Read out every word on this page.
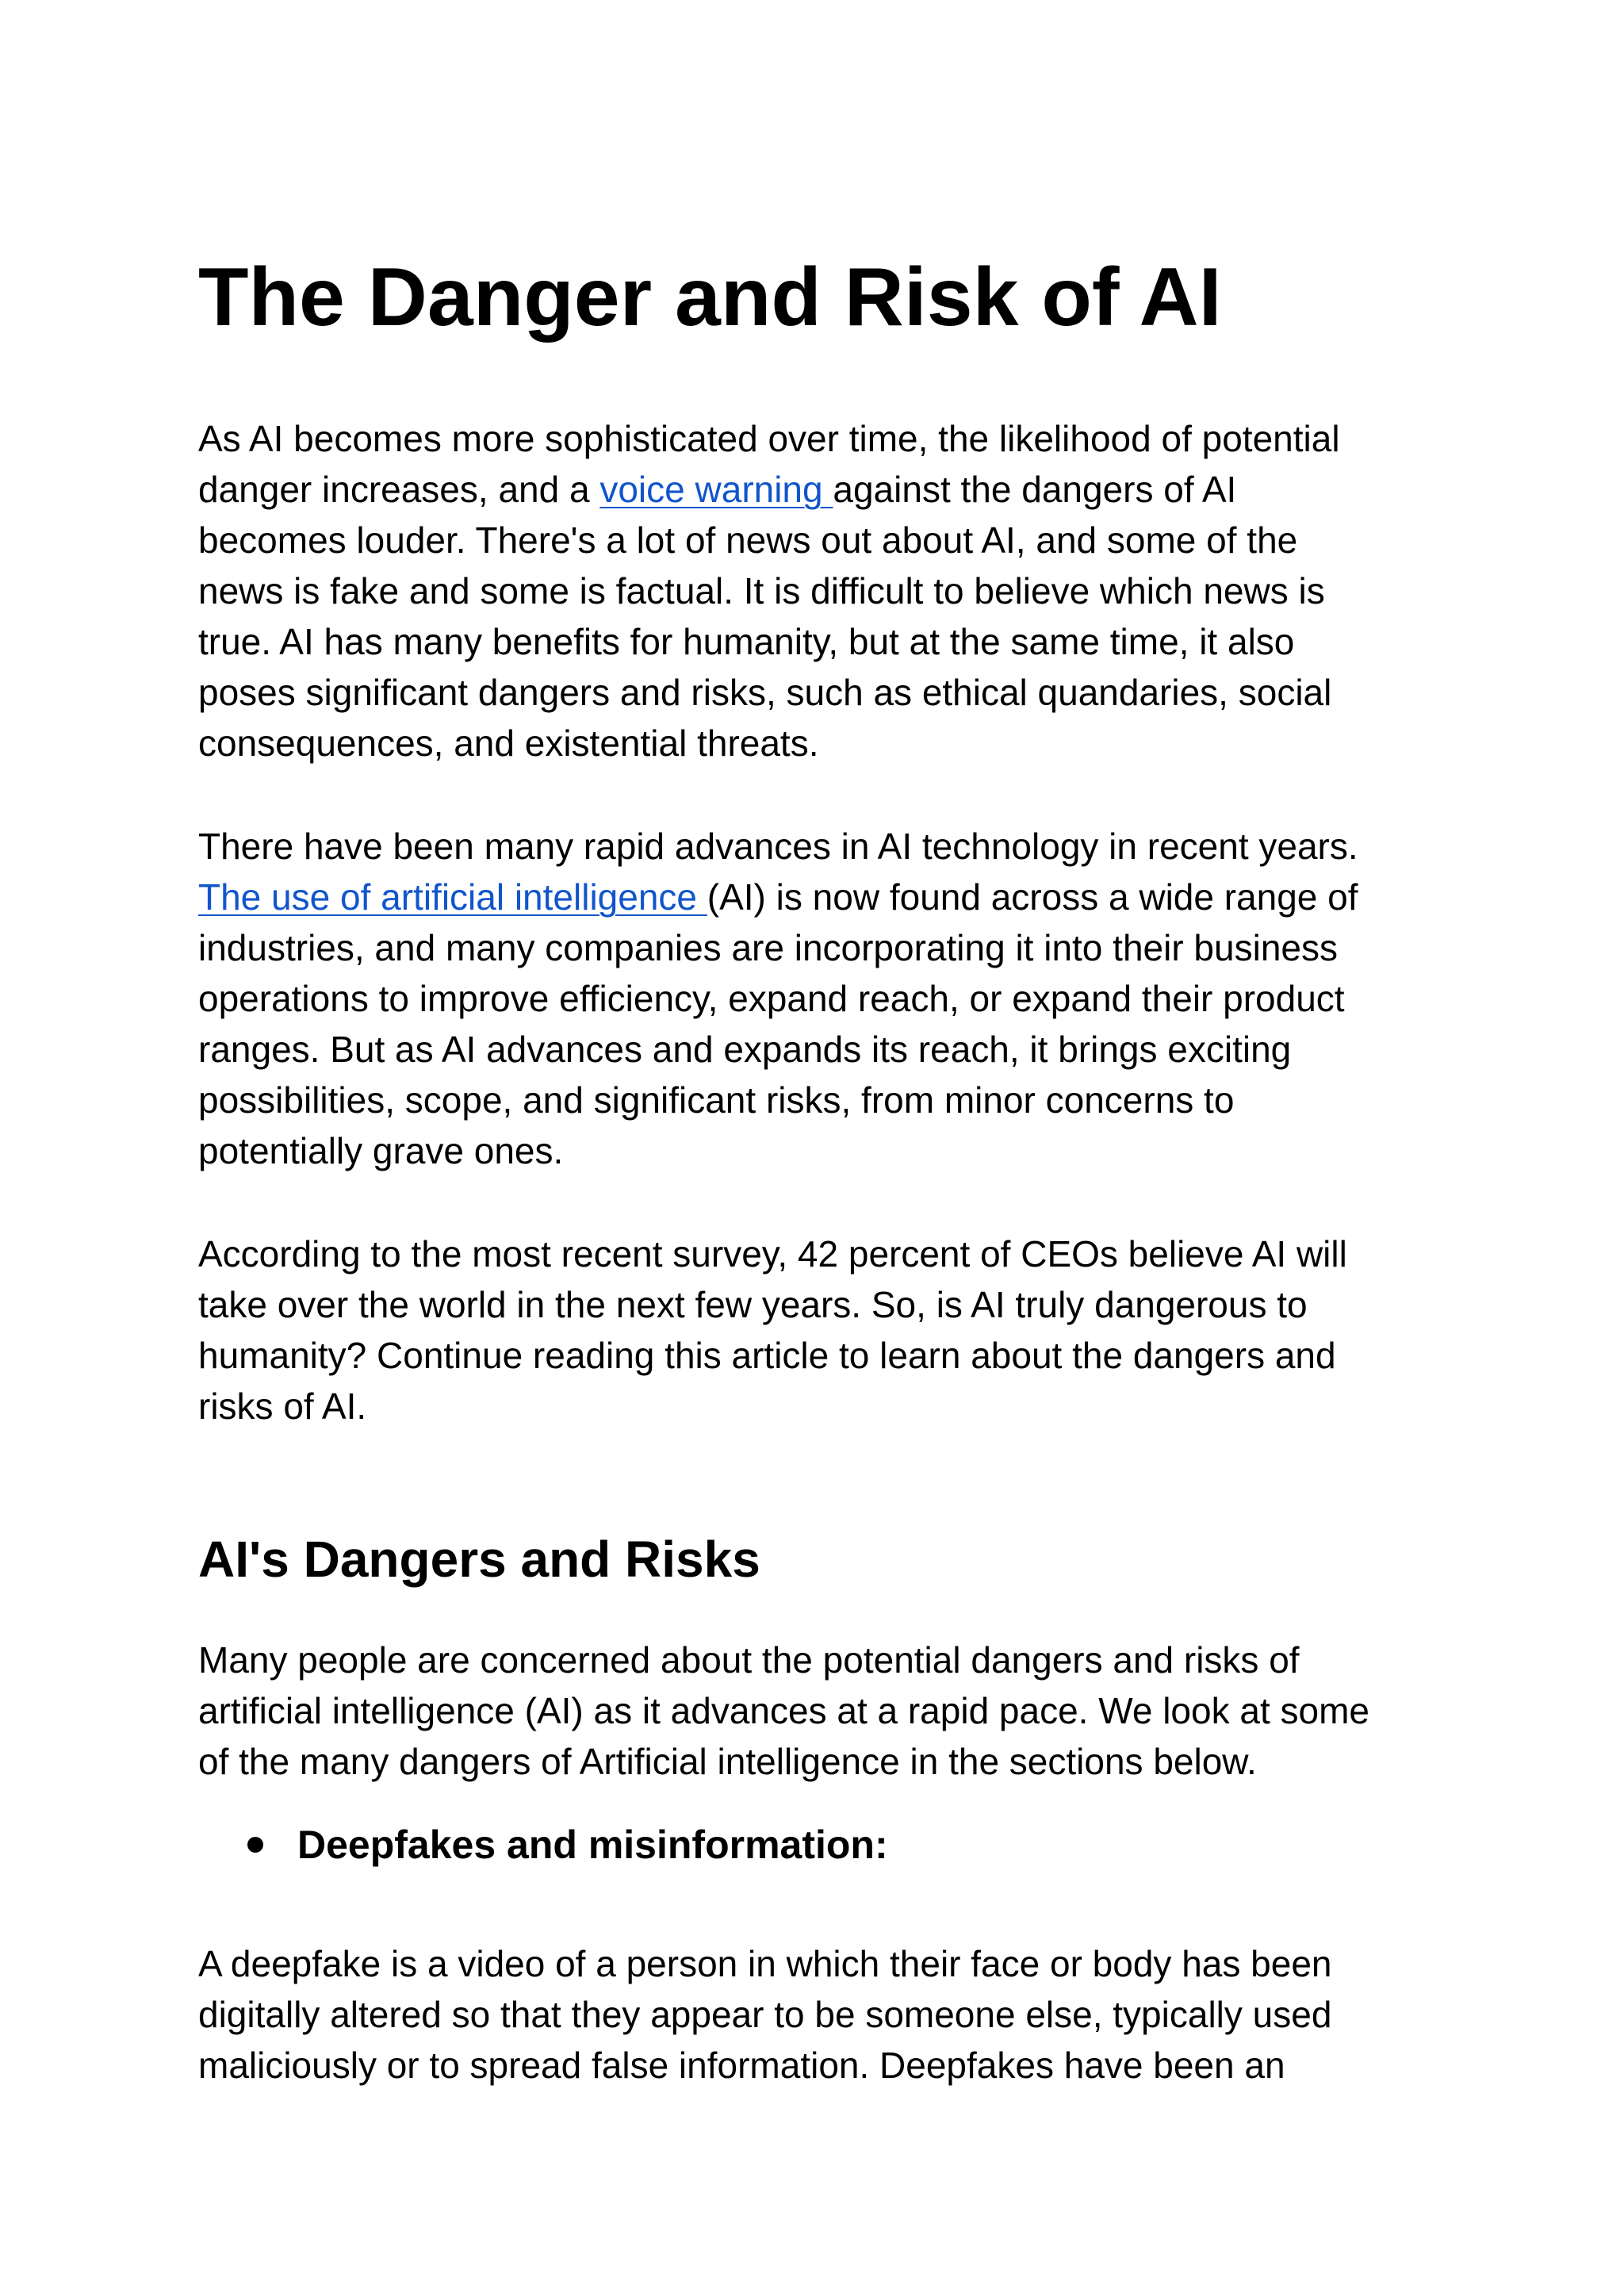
The Danger and Risk of AI

As AI becomes more sophisticated over time, the likelihood of potential
danger increases, and a voice warning against the dangers of AI
becomes louder. There's a lot of news out about AI, and some of the
news is fake and some is factual. It is difficult to believe which news is
true. AI has many benefits for humanity, but at the same time, it also
poses significant dangers and risks, such as ethical quandaries, social
consequences, and existential threats.

There have been many rapid advances in AI technology in recent years.
The use of artificial intelligence (AI) is now found across a wide range of
industries, and many companies are incorporating it into their business
operations to improve efficiency, expand reach, or expand their product
ranges. But as AI advances and expands its reach, it brings exciting
possibilities, scope, and significant risks, from minor concerns to
potentially grave ones.

According to the most recent survey, 42 percent of CEOs believe AI will
take over the world in the next few years. So, is AI truly dangerous to
humanity? Continue reading this article to learn about the dangers and
risks of AI.

AI's Dangers and Risks

Many people are concerned about the potential dangers and risks of
artificial intelligence (AI) as it advances at a rapid pace. We look at some
of the many dangers of Artificial intelligence in the sections below.

Deepfakes and misinformation:

A deepfake is a video of a person in which their face or body has been
digitally altered so that they appear to be someone else, typically used
maliciously or to spread false information. Deepfakes have been an
